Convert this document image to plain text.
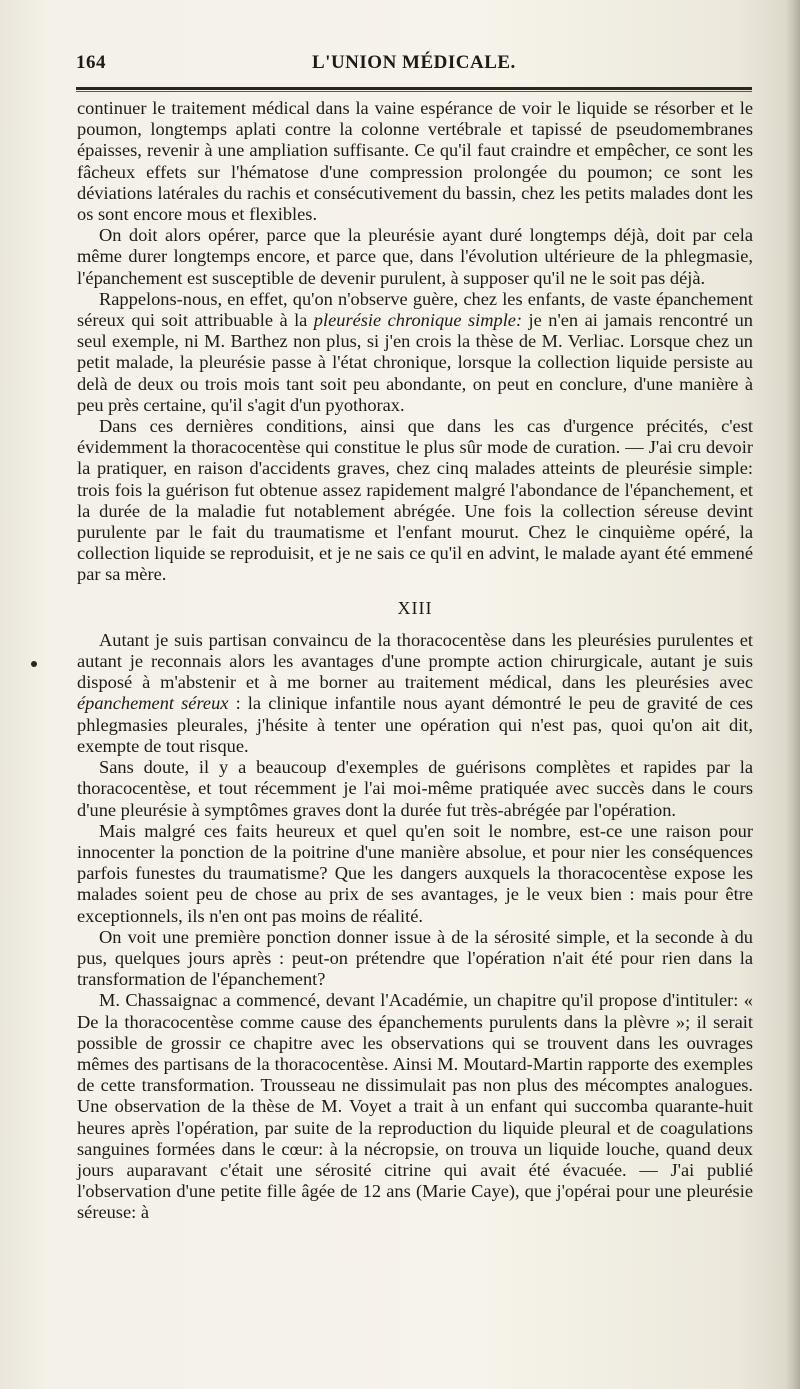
164	L'UNION MÉDICALE.

continuer le traitement médical dans la vaine espérance de voir le liquide se résorber et le poumon, longtemps aplati contre la colonne vertébrale et tapissé de pseudomembranes épaisses, revenir à une ampliation suffisante. Ce qu'il faut craindre et empêcher, ce sont les fâcheux effets sur l'hématose d'une compression prolongée du poumon; ce sont les déviations latérales du rachis et consécutivement du bassin, chez les petits malades dont les os sont encore mous et flexibles.

On doit alors opérer, parce que la pleurésie ayant duré longtemps déjà, doit par cela même durer longtemps encore, et parce que, dans l'évolution ultérieure de la phlegmasie, l'épanchement est susceptible de devenir purulent, à supposer qu'il ne le soit pas déjà.

Rappelons-nous, en effet, qu'on n'observe guère, chez les enfants, de vaste épanchement séreux qui soit attribuable à la pleurésie chronique simple: je n'en ai jamais rencontré un seul exemple, ni M. Barthez non plus, si j'en crois la thèse de M. Verliac. Lorsque chez un petit malade, la pleurésie passe à l'état chronique, lorsque la collection liquide persiste au delà de deux ou trois mois tant soit peu abondante, on peut en conclure, d'une manière à peu près certaine, qu'il s'agit d'un pyothorax.

Dans ces dernières conditions, ainsi que dans les cas d'urgence précités, c'est évidemment la thoracocentèse qui constitue le plus sûr mode de curation. — J'ai cru devoir la pratiquer, en raison d'accidents graves, chez cinq malades atteints de pleurésie simple: trois fois la guérison fut obtenue assez rapidement malgré l'abondance de l'épanchement, et la durée de la maladie fut notablement abrégée. Une fois la collection séreuse devint purulente par le fait du traumatisme et l'enfant mourut. Chez le cinquième opéré, la collection liquide se reproduisit, et je ne sais ce qu'il en advint, le malade ayant été emmené par sa mère.

XIII

Autant je suis partisan convaincu de la thoracocentèse dans les pleurésies purulentes et autant je reconnais alors les avantages d'une prompte action chirurgicale, autant je suis disposé à m'abstenir et à me borner au traitement médical, dans les pleurésies avec épanchement séreux : la clinique infantile nous ayant démontré le peu de gravité de ces phlegmasies pleurales, j'hésite à tenter une opération qui n'est pas, quoi qu'on ait dit, exempte de tout risque.

Sans doute, il y a beaucoup d'exemples de guérisons complètes et rapides par la thoracocentèse, et tout récemment je l'ai moi-même pratiquée avec succès dans le cours d'une pleurésie à symptômes graves dont la durée fut très-abrégée par l'opération.

Mais malgré ces faits heureux et quel qu'en soit le nombre, est-ce une raison pour innocenter la ponction de la poitrine d'une manière absolue, et pour nier les conséquences parfois funestes du traumatisme? Que les dangers auxquels la thoracocentèse expose les malades soient peu de chose au prix de ses avantages, je le veux bien : mais pour être exceptionnels, ils n'en ont pas moins de réalité.

On voit une première ponction donner issue à de la sérosité simple, et la seconde à du pus, quelques jours après : peut-on prétendre que l'opération n'ait été pour rien dans la transformation de l'épanchement?

M. Chassaignac a commencé, devant l'Académie, un chapitre qu'il propose d'intituler: « De la thoracocentèse comme cause des épanchements purulents dans la plèvre »; il serait possible de grossir ce chapitre avec les observations qui se trouvent dans les ouvrages mêmes des partisans de la thoracocentèse. Ainsi M. Moutard-Martin rapporte des exemples de cette transformation. Trousseau ne dissimulait pas non plus des mécomptes analogues. Une observation de la thèse de M. Voyet a trait à un enfant qui succomba quarante-huit heures après l'opération, par suite de la reproduction du liquide pleural et de coagulations sanguines formées dans le cœur: à la nécropsie, on trouva un liquide louche, quand deux jours auparavant c'était une sérosité citrine qui avait été évacuée. — J'ai publié l'observation d'une petite fille âgée de 12 ans (Marie Caye), que j'opérai pour une pleurésie séreuse: à
